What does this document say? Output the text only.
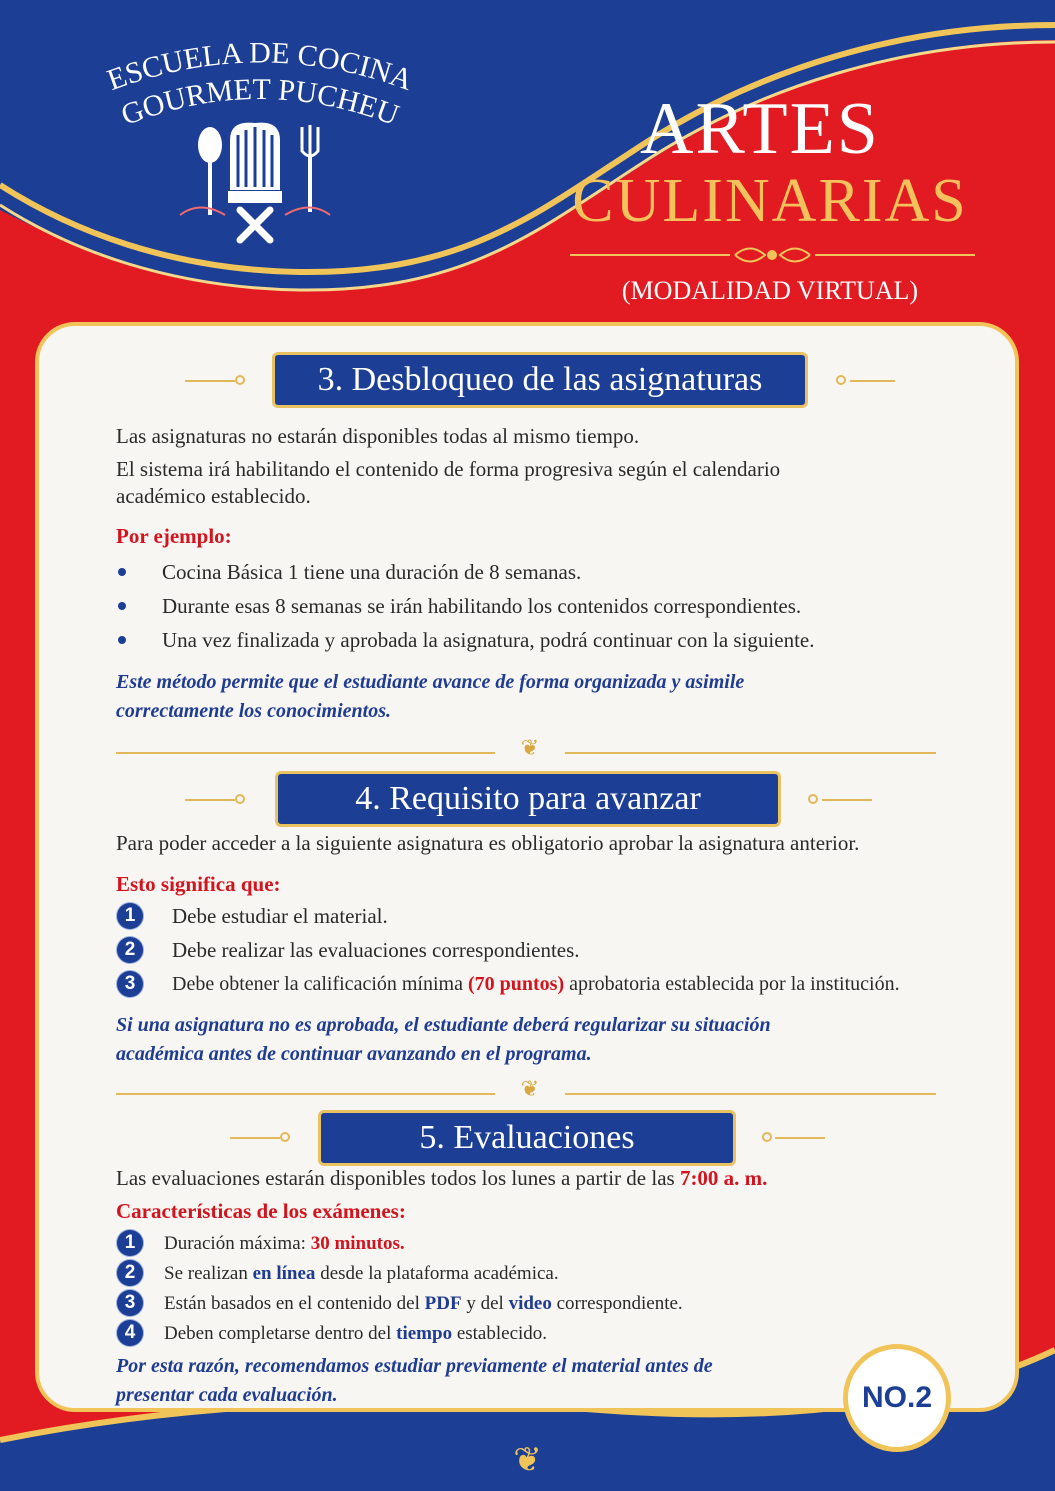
ESCUELA DE COCINA
GOURMET PUCHEU	ARTES
CULINARIAS
(MODALIDAD VIRTUAL)
3. Desbloqueo de las asignaturas
Las asignaturas no estarán disponibles todas al mismo tiempo.
El sistema irá habilitando el contenido de forma progresiva según el calendario
académico establecido.
Por ejemplo:
Cocina Básica 1 tiene una duración de 8 semanas.
Durante esas 8 semanas se irán habilitando los contenidos correspondientes.
Una vez finalizada y aprobada la asignatura, podrá continuar con la siguiente.
Este método permite que el estudiante avance de forma organizada y asimile
correctamente los conocimientos.
❦
4. Requisito para avanzar
Para poder acceder a la siguiente asignatura es obligatorio aprobar la asignatura anterior.
Esto significa que:
1	Debe estudiar el material.
2	Debe realizar las evaluaciones correspondientes.
3	Debe obtener la calificación mínima (70 puntos) aprobatoria establecida por la institución.
Si una asignatura no es aprobada, el estudiante deberá regularizar su situación
académica antes de continuar avanzando en el programa.
❦
5. Evaluaciones
Las evaluaciones estarán disponibles todos los lunes a partir de las 7:00 a. m.
Características de los exámenes:
1	Duración máxima: 30 minutos.
2	Se realizan en línea desde la plataforma académica.
3	Están basados en el contenido del PDF y del video correspondiente.
4	Deben completarse dentro del tiempo establecido.
Por esta razón, recomendamos estudiar previamente el material antes de
presentar cada evaluación.	NO.2
❦
